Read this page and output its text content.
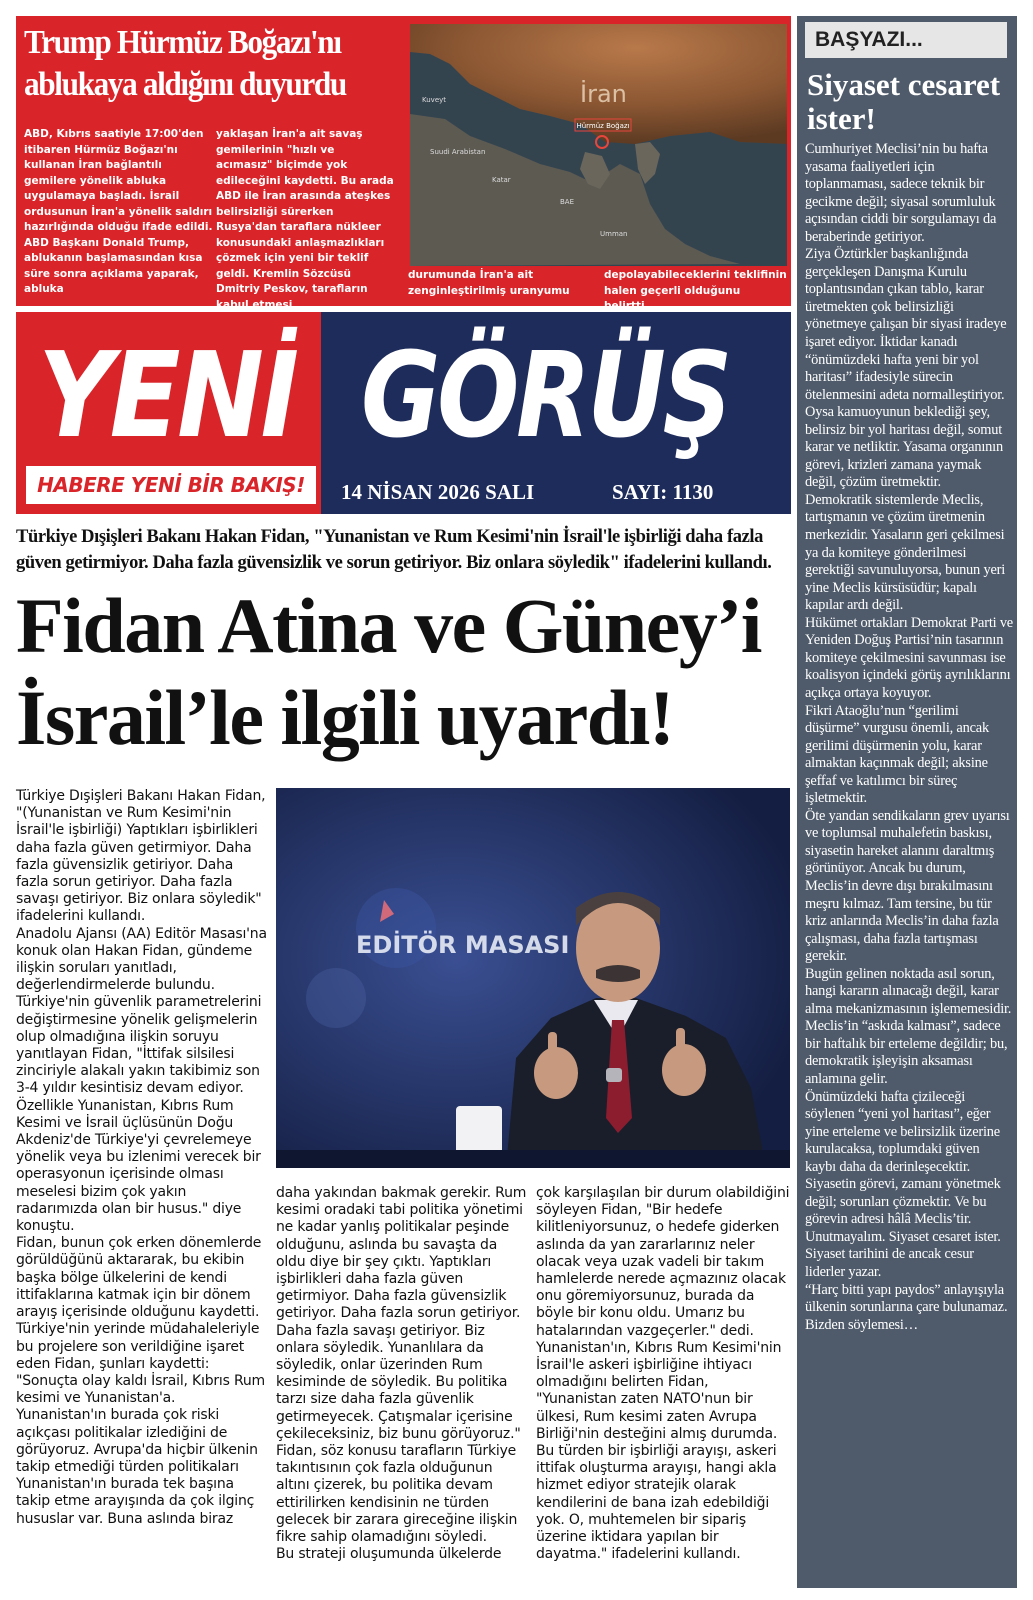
Trump Hürmüz Boğazı'nı ablukaya aldığını duyurdu
ABD, Kıbrıs saatiyle 17:00'den itibaren Hürmüz Boğazı'nı kullanan İran bağlantılı gemilere yönelik abluka uygulamaya başladı. İsrail ordusunun İran'a yönelik saldırı hazırlığında olduğu ifade edildi. ABD Başkanı Donald Trump, ablukanın başlamasından kısa süre sonra açıklama yaparak, abluka
yaklaşan İran'a ait savaş gemilerinin "hızlı ve acımasız" biçimde yok edileceğini kaydetti. Bu arada ABD ile İran arasında ateşkes belirsizliği sürerken Rusya'dan taraflara nükleer konusundaki anlaşmazlıkları çözmek için yeni bir teklif geldi. Kremlin Sözcüsü Dmitriy Peskov, tarafların kabul etmesi
Hürmüz Boğazı
İran
Kuveyt
Suudi Arabistan
Katar
BAE
Umman
durumunda İran'a ait zenginleştirilmiş uranyumu
depolayabileceklerini teklifinin halen geçerli olduğunu belirtti.
YENİ GÖRÜŞ
HABERE YENİ BİR BAKIŞ!	14 NİSAN 2026 SALI	SAYI: 1130
Türkiye Dışişleri Bakanı Hakan Fidan, "Yunanistan ve Rum Kesimi'nin İsrail'le işbirliği daha fazla güven getirmiyor. Daha fazla güvensizlik ve sorun getiriyor. Biz onlara söyledik" ifadelerini kullandı.
Fidan Atina ve Güney’i
İsrail’le ilgili uyardı!
EDİTÖR MASASI

Türkiye Dışişleri Bakanı Hakan Fidan, "(Yunanistan ve Rum Kesimi'nin İsrail'le işbirliği) Yaptıkları işbirlikleri daha fazla güven getirmiyor. Daha fazla güvensizlik getiriyor. Daha fazla sorun getiriyor. Daha fazla savaşı getiriyor. Biz onlara söyledik" ifadelerini kullandı.

Anadolu Ajansı (AA) Editör Masası'na konuk olan Hakan Fidan, gündeme ilişkin soruları yanıtladı, değerlendirmelerde bulundu.

Türkiye'nin güvenlik parametrelerini değiştirmesine yönelik gelişmelerin olup olmadığına ilişkin soruyu yanıtlayan Fidan, "İttifak silsilesi zinciriyle alakalı yakın takibimiz son 3-4 yıldır kesintisiz devam ediyor. Özellikle Yunanistan, Kıbrıs Rum Kesimi ve İsrail üçlüsünün Doğu Akdeniz'de Türkiye'yi çevrelemeye yönelik veya bu izlenimi verecek bir operasyonun içerisinde olması meselesi bizim çok yakın radarımızda olan bir husus." diye konuştu.

Fidan, bunun çok erken dönemlerde görüldüğünü aktararak, bu ekibin başka bölge ülkelerini de kendi ittifaklarına katmak için bir dönem arayış içerisinde olduğunu kaydetti.

Türkiye'nin yerinde müdahaleleriyle bu projelere son verildiğine işaret eden Fidan, şunları kaydetti:

"Sonuçta olay kaldı İsrail, Kıbrıs Rum kesimi ve Yunanistan'a. Yunanistan'ın burada çok riski açıkçası politikalar izlediğini de görüyoruz. Avrupa'da hiçbir ülkenin takip etmediği türden politikaları Yunanistan'ın burada tek başına takip etme arayışında da çok ilginç hususlar var. Buna aslında biraz

daha yakından bakmak gerekir. Rum kesimi oradaki tabi politika yönetimi ne kadar yanlış politikalar peşinde olduğunu, aslında bu savaşta da oldu diye bir şey çıktı. Yaptıkları işbirlikleri daha fazla güven getirmiyor. Daha fazla güvensizlik getiriyor. Daha fazla sorun getiriyor. Daha fazla savaşı getiriyor. Biz onlara söyledik. Yunanlılara da söyledik, onlar üzerinden Rum kesiminde de söyledik. Bu politika tarzı size daha fazla güvenlik getirmeyecek. Çatışmalar içerisine çekileceksiniz, biz bunu görüyoruz."

Fidan, söz konusu tarafların Türkiye takıntısının çok fazla olduğunun altını çizerek, bu politika devam ettirilirken kendisinin ne türden gelecek bir zarara gireceğine ilişkin fikre sahip olamadığını söyledi.

Bu strateji oluşumunda ülkelerde

çok karşılaşılan bir durum olabildiğini söyleyen Fidan, "Bir hedefe kilitleniyorsunuz, o hedefe giderken aslında da yan zararlarınız neler olacak veya uzak vadeli bir takım hamlelerde nerede açmazınız olacak onu göremiyorsunuz, burada da böyle bir konu oldu. Umarız bu hatalarından vazgeçerler." dedi.

Yunanistan'ın, Kıbrıs Rum Kesimi'nin İsrail'le askeri işbirliğine ihtiyacı olmadığını belirten Fidan, "Yunanistan zaten NATO'nun bir ülkesi, Rum kesimi zaten Avrupa Birliği'nin desteğini almış durumda. Bu türden bir işbirliği arayışı, askeri ittifak oluşturma arayışı, hangi akla hizmet ediyor stratejik olarak kendilerini de bana izah edebildiği yok. O, muhtemelen bir sipariş üzerine iktidara yapılan bir dayatma." ifadelerini kullandı.

BAŞYAZI...
Siyaset cesaret ister!

Cumhuriyet Meclisi’nin bu hafta yasama faaliyetleri için toplanmaması, sadece teknik bir gecikme değil; siyasal sorumluluk açısından ciddi bir sorgulamayı da beraberinde getiriyor.

Ziya Öztürkler başkanlığında gerçekleşen Danışma Kurulu toplantısından çıkan tablo, karar üretmekten çok belirsizliği yönetmeye çalışan bir siyasi iradeye işaret ediyor. İktidar kanadı “önümüzdeki hafta yeni bir yol haritası” ifadesiyle sürecin ötelenmesini adeta normalleştiriyor.

Oysa kamuoyunun beklediği şey, belirsiz bir yol haritası değil, somut karar ve netliktir. Yasama organının görevi, krizleri zamana yaymak değil, çözüm üretmektir.

Demokratik sistemlerde Meclis, tartışmanın ve çözüm üretmenin merkezidir. Yasaların geri çekilmesi ya da komiteye gönderilmesi gerektiği savunuluyorsa, bunun yeri yine Meclis kürsüsüdür; kapalı kapılar ardı değil.

Hükümet ortakları Demokrat Parti ve Yeniden Doğuş Partisi’nin tasarının komiteye çekilmesini savunması ise koalisyon içindeki görüş ayrılıklarını açıkça ortaya koyuyor.

Fikri Ataoğlu’nun “gerilimi düşürme” vurgusu önemli, ancak gerilimi düşürmenin yolu, karar almaktan kaçınmak değil; aksine şeffaf ve katılımcı bir süreç işletmektir.

Öte yandan sendikaların grev uyarısı ve toplumsal muhalefetin baskısı, siyasetin hareket alanını daraltmış görünüyor. Ancak bu durum, Meclis’in devre dışı bırakılmasını meşru kılmaz. Tam tersine, bu tür kriz anlarında Meclis’in daha fazla çalışması, daha fazla tartışması gerekir.

Bugün gelinen noktada asıl sorun, hangi kararın alınacağı değil, karar alma mekanizmasının işlememesidir.

Meclis’in “askıda kalması”, sadece bir haftalık bir erteleme değildir; bu, demokratik işleyişin aksaması anlamına gelir.

Önümüzdeki hafta çizileceği söylenen “yeni yol haritası”, eğer yine erteleme ve belirsizlik üzerine kurulacaksa, toplumdaki güven kaybı daha da derinleşecektir.

Siyasetin görevi, zamanı yönetmek değil; sorunları çözmektir. Ve bu görevin adresi hâlâ Meclis’tir.

Unutmayalım. Siyaset cesaret ister. Siyaset tarihini de ancak cesur liderler yazar.

“Harç bitti yapı paydos” anlayışıyla ülkenin sorunlarına çare bulunamaz.

Bizden söylemesi…
